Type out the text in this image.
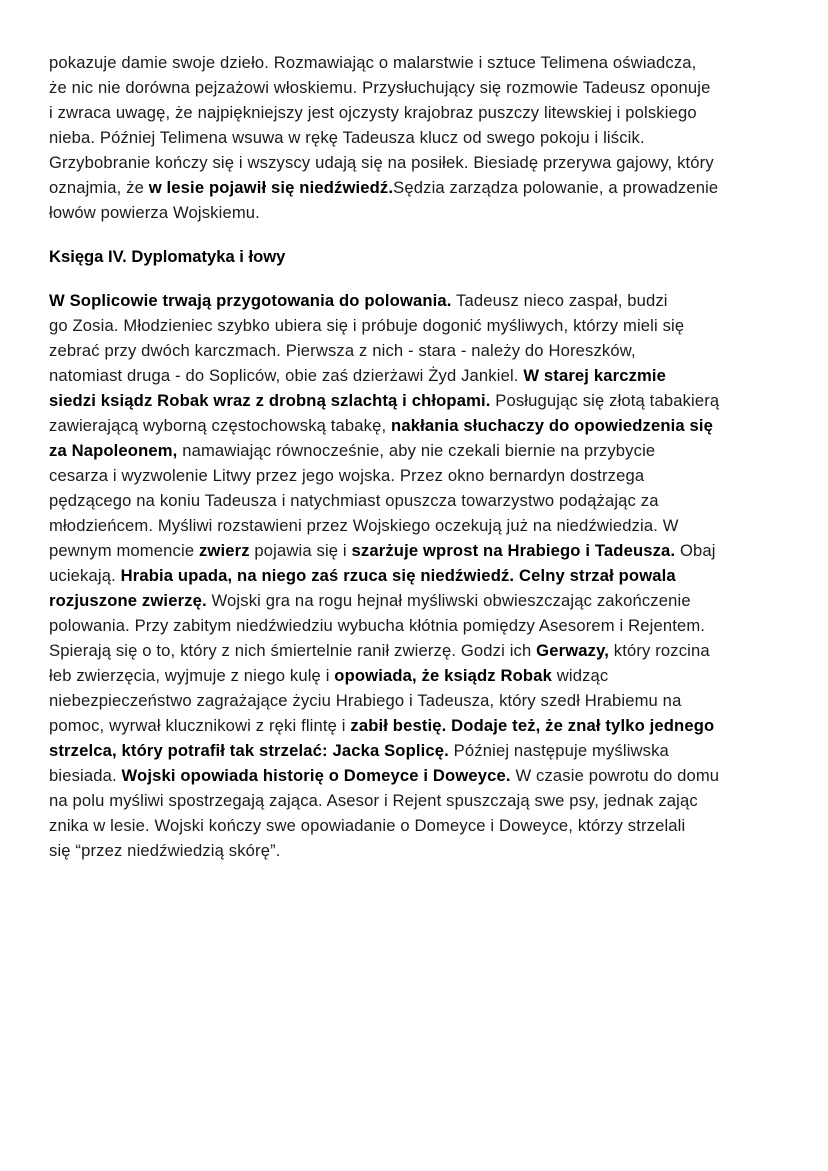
pokazuje damie swoje dzieło. Rozmawiając o malarstwie i sztuce Telimena oświadcza,
że nic nie dorówna pejzażowi włoskiemu. Przysłuchujący się rozmowie Tadeusz oponuje
i zwraca uwagę, że najpiękniejszy jest ojczysty krajobraz puszczy litewskiej i polskiego
nieba. Później Telimena wsuwa w rękę Tadeusza klucz od swego pokoju i liścik.
Grzybobranie kończy się i wszyscy udają się na posiłek. Biesiadę przerywa gajowy, który
oznajmia, że w lesie pojawił się niedźwiedź.Sędzia zarządza polowanie, a prowadzenie
łowów powierza Wojskiemu.
Księga IV. Dyplomatyka i łowy
W Soplicowie trwają przygotowania do polowania. Tadeusz nieco zaspał, budzi
go Zosia. Młodzieniec szybko ubiera się i próbuje dogonić myśliwych, którzy mieli się
zebrać przy dwóch karczmach. Pierwsza z nich - stara - należy do Horeszków,
natomiast druga - do Sopliców, obie zaś dzierżawi Żyd Jankiel. W starej karczmie
siedzi ksiądz Robak wraz z drobną szlachtą i chłopami. Posługując się złotą tabakierą
zawierającą wyborną częstochowską tabakę, nakłania słuchaczy do opowiedzenia się
za Napoleonem, namawiając równocześnie, aby nie czekali biernie na przybycie
cesarza i wyzwolenie Litwy przez jego wojska. Przez okno bernardyn dostrzega
pędzącego na koniu Tadeusza i natychmiast opuszcza towarzystwo podążając za
młodzieńcem. Myśliwi rozstawieni przez Wojskiego oczekują już na niedźwiedzia. W
pewnym momencie zwierz pojawia się i szarżuje wprost na Hrabiego i Tadeusza. Obaj
uciekają. Hrabia upada, na niego zaś rzuca się niedźwiedź. Celny strzał powala
rozjuszone zwierzę. Wojski gra na rogu hejnał myśliwski obwieszczając zakończenie
polowania. Przy zabitym niedźwiedziu wybucha kłótnia pomiędzy Asesorem i Rejentem.
Spierają się o to, który z nich śmiertelnie ranił zwierzę. Godzi ich Gerwazy, który rozcina
łeb zwierzęcia, wyjmuje z niego kulę i opowiada, że ksiądz Robak widząc
niebezpieczeństwo zagrażające życiu Hrabiego i Tadeusza, który szedł Hrabiemu na
pomoc, wyrwał klucznikowi z ręki flintę i zabił bestię. Dodaje też, że znał tylko jednego
strzelca, który potrafił tak strzelać: Jacka Soplicę. Później następuje myśliwska
biesiada. Wojski opowiada historię o Domeyce i Doweyce. W czasie powrotu do domu
na polu myśliwi spostrzegają zająca. Asesor i Rejent spuszczają swe psy, jednak zając
znika w lesie. Wojski kończy swe opowiadanie o Domeyce i Doweyce, którzy strzelali
się “przez niedźwiedzią skórę”.
